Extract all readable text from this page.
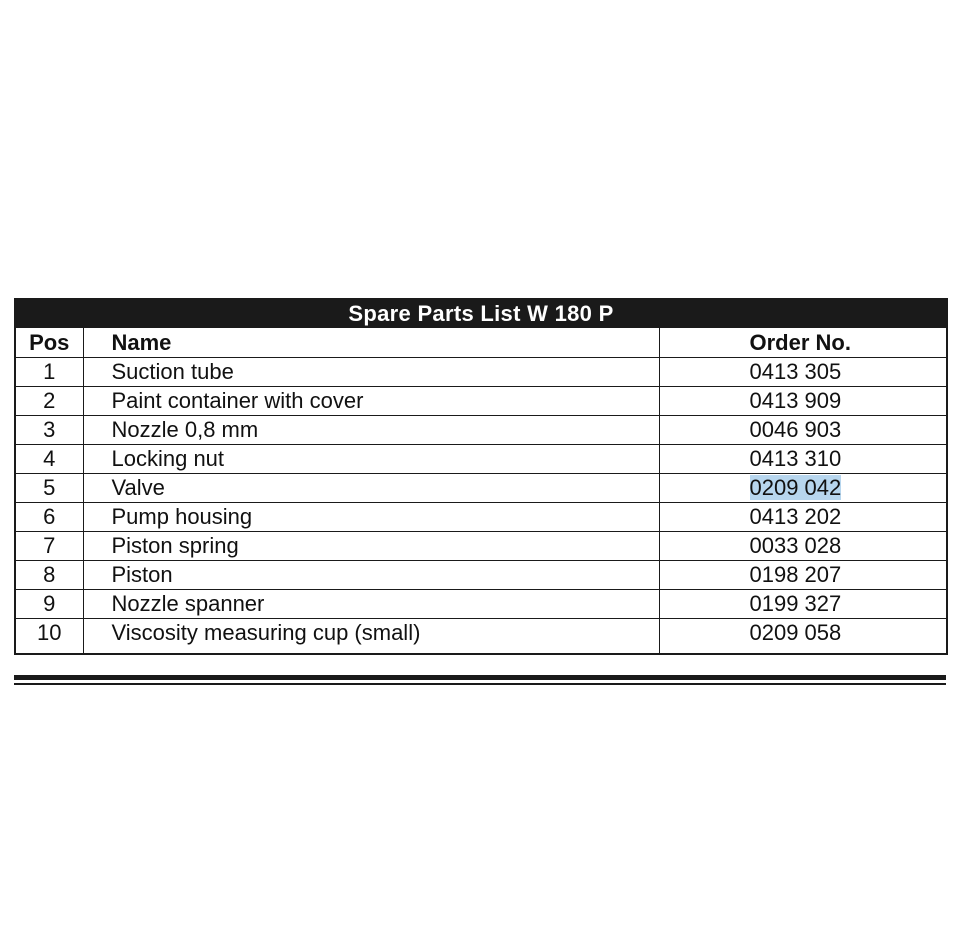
Spare Parts List W 180 P		
Pos	Name	Order No.
1	Suction tube	0413 305
2	Paint container with cover	0413 909
3	Nozzle 0,8 mm	0046 903
4	Locking nut	0413 310
5	Valve	0209 042
6	Pump housing	0413 202
7	Piston spring	0033 028
8	Piston	0198 207
9	Nozzle spanner	0199 327
10	Viscosity measuring cup (small)	0209 058
